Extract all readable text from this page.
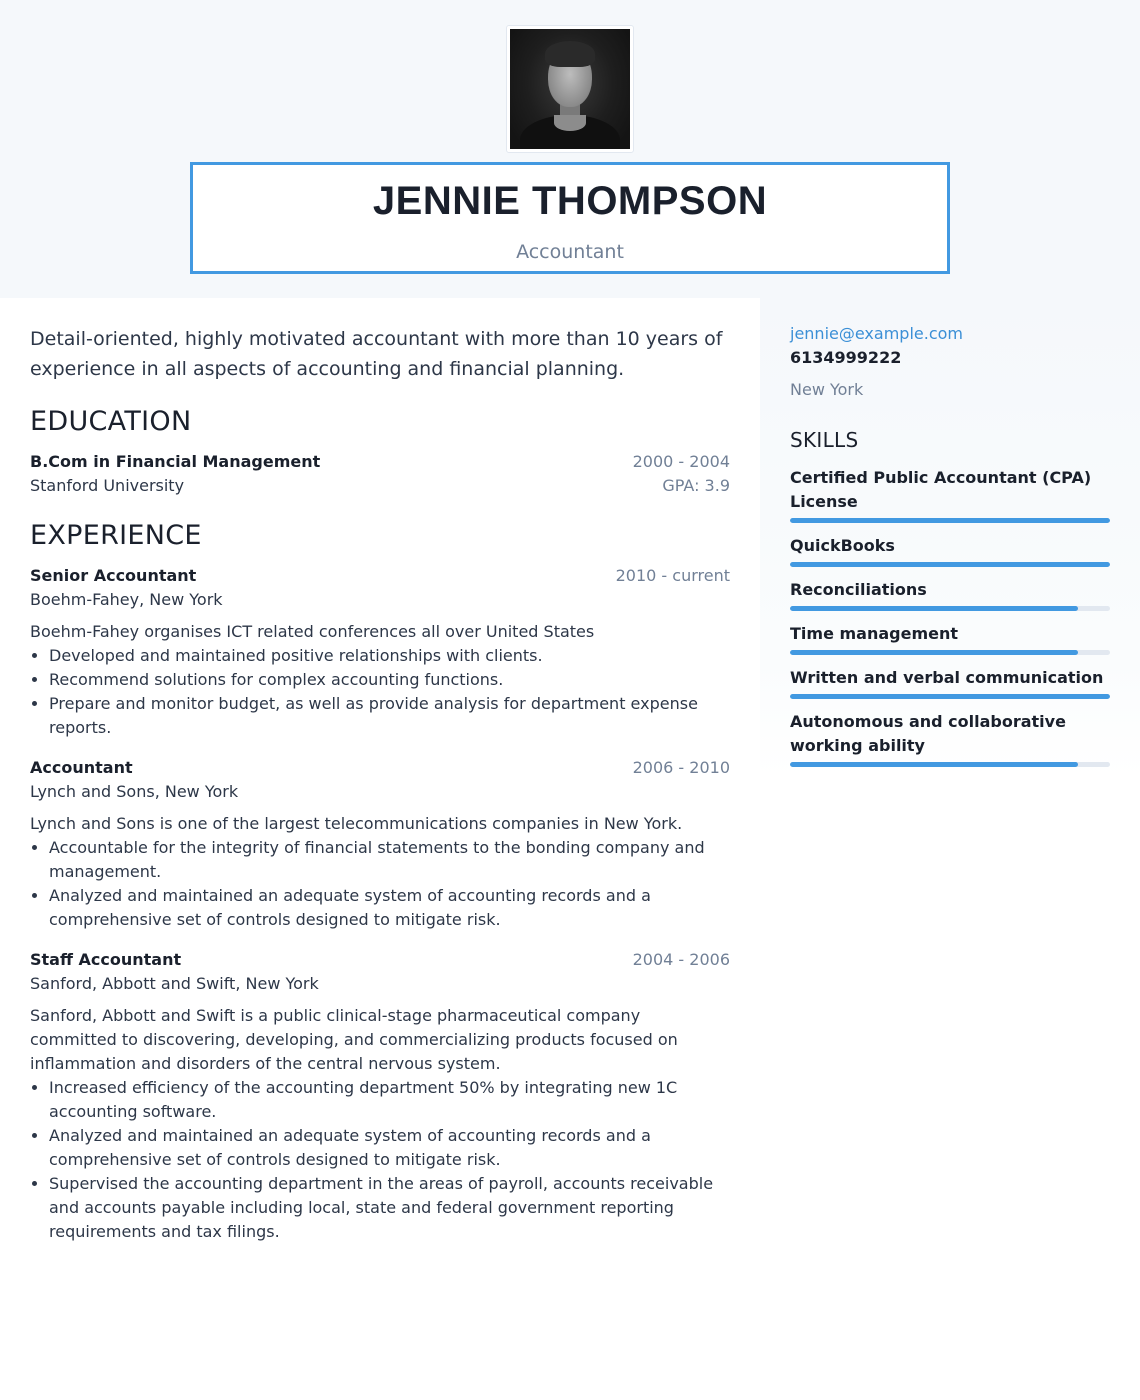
JENNIE THOMPSON
Accountant
Detail-oriented, highly motivated accountant with more than 10 years of experience in all aspects of accounting and financial planning.
EDUCATION
B.Com in Financial Management	2000 - 2004
Stanford University	GPA: 3.9
EXPERIENCE
Senior Accountant	2010 - current
Boehm-Fahey, New York
Boehm-Fahey organises ICT related conferences all over United States
• Developed and maintained positive relationships with clients.
• Recommend solutions for complex accounting functions.
• Prepare and monitor budget, as well as provide analysis for department expense reports.
Accountant	2006 - 2010
Lynch and Sons, New York
Lynch and Sons is one of the largest telecommunications companies in New York.
• Accountable for the integrity of financial statements to the bonding company and management.
• Analyzed and maintained an adequate system of accounting records and a comprehensive set of controls designed to mitigate risk.
Staff Accountant	2004 - 2006
Sanford, Abbott and Swift, New York
Sanford, Abbott and Swift is a public clinical-stage pharmaceutical company committed to discovering, developing, and commercializing products focused on inflammation and disorders of the central nervous system.
• Increased efficiency of the accounting department 50% by integrating new 1C accounting software.
• Analyzed and maintained an adequate system of accounting records and a comprehensive set of controls designed to mitigate risk.
• Supervised the accounting department in the areas of payroll, accounts receivable and accounts payable including local, state and federal government reporting requirements and tax filings.
jennie@example.com
6134999222
New York
SKILLS
Certified Public Accountant (CPA) License
QuickBooks
Reconciliations
Time management
Written and verbal communication
Autonomous and collaborative working ability
